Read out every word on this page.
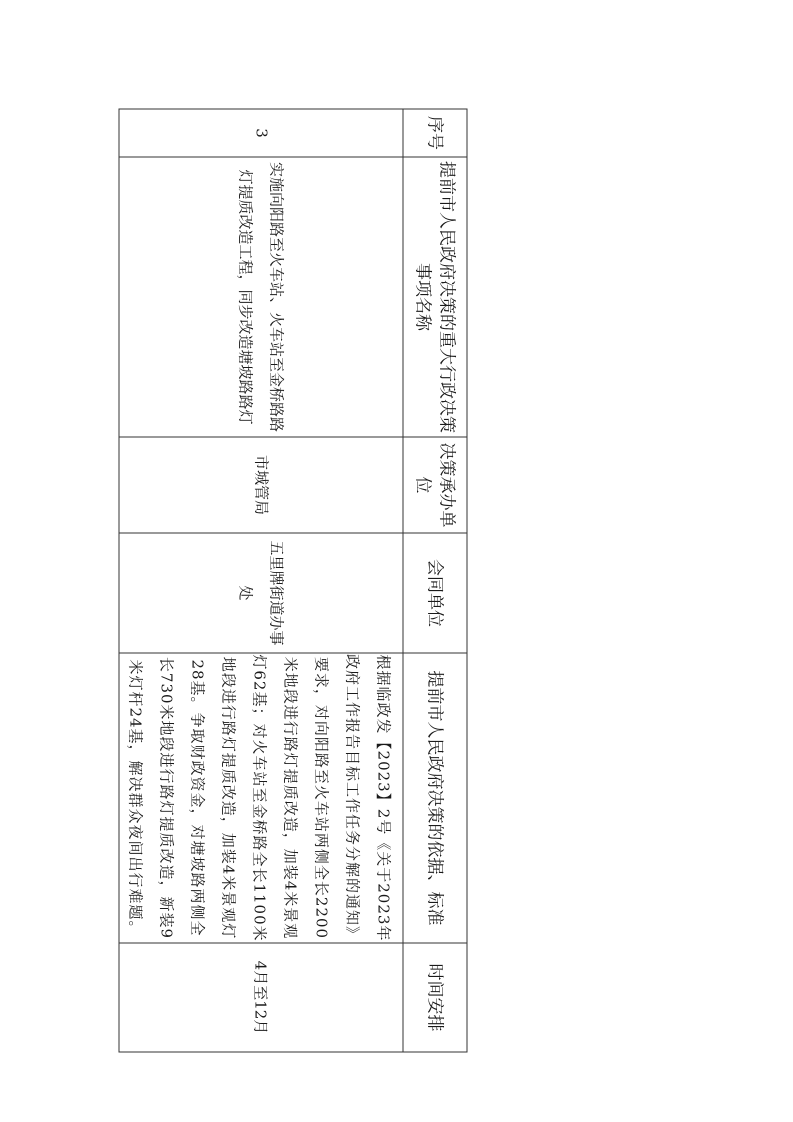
序号	提前市人民政府决策的重大行政决策事项名称	决策承办单位	会同单位	提前市人民政府决策的依据、标准	时间安排
3	实施向阳路至火车站、火车站至金桥路路灯提质改造工程，同步改造塘坡路路灯	市城管局	五里牌街道办事处	根据临政发【2023】2号《关于2023年政府工作报告目标工作任务分解的通知》要求，对向阳路至火车站两侧全长2200米地段进行路灯提质改造，加装4米景观灯62基；对火车站至金桥路全长1100米地段进行路灯提质改造，加装4米景观灯28基。争取财政资金，对塘坡路两侧全长730米地段进行路灯提质改造，新装9米灯杆24基，解决群众夜间出行难题。	4月至12月
